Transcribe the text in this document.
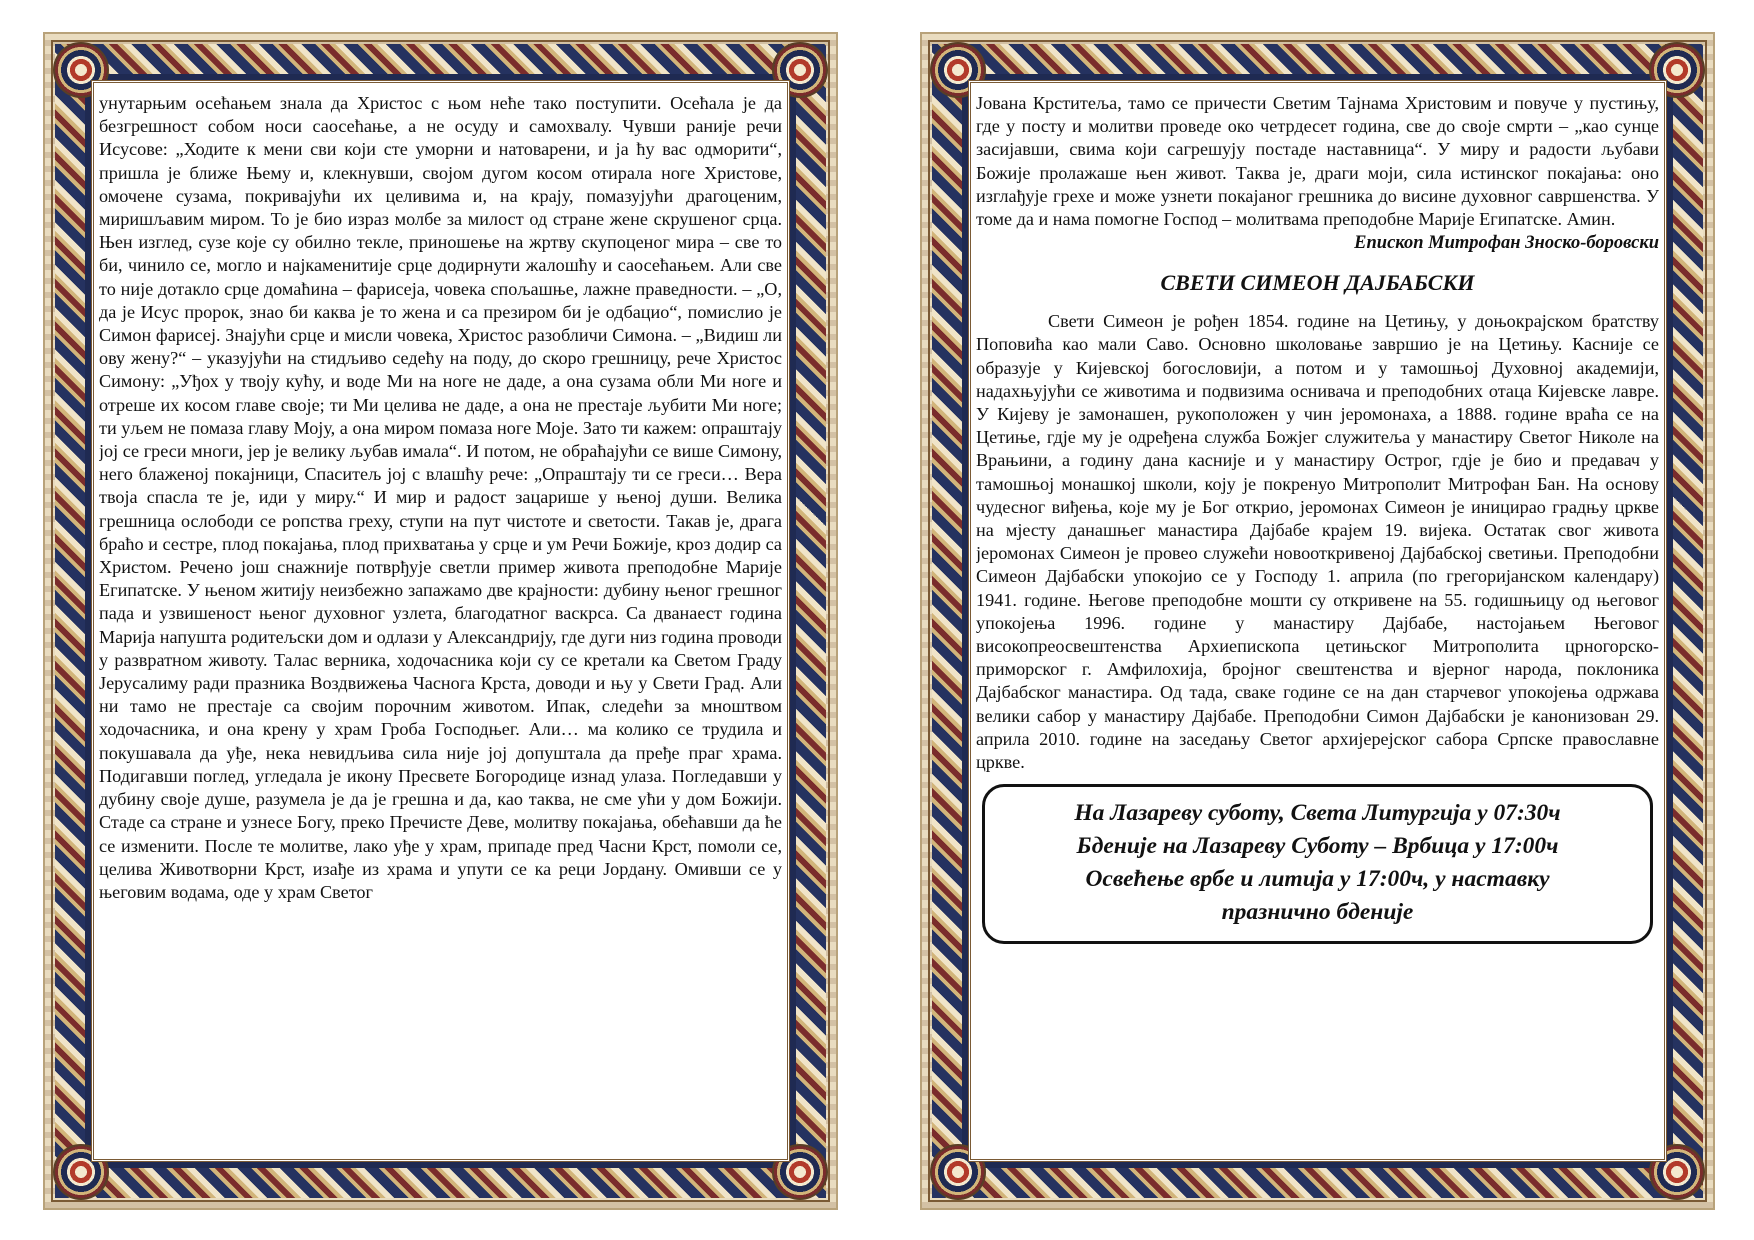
унутарњим осећањем знала да Христос с њом неће тако поступити. Осећала је да безгрешност собом носи саосећање, а не осуду и самохвалу. Чувши раније речи Исусове: „Ходите к мени сви који сте уморни и натоварени, и ја ћу вас одморити“, пришла је ближе Њему и, клекнувши, својом дугом косом отирала ноге Христове, омочене сузама, покривајући их целивима и, на крају, помазујући драгоценим, миришљавим миром. То је био израз молбе за милост од стране жене скрушеног срца. Њен изглед, сузе које су обилно текле, приношење на жртву скупоценог мира – све то би, чинило се, могло и најкаменитије срце додирнути жалошћу и саосећањем. Али све то није дотакло срце домаћина – фарисеја, човека спољашње, лажне праведности. – „О, да је Исус пророк, знао би каква је то жена и са презиром би је одбацио“, помислио је Симон фарисеј. Знајући срце и мисли човека, Христос разобличи Симона. – „Видиш ли ову жену?“ – указујући на стидљиво седећу на поду, до скоро грешницу, рече Христос Симону: „Уђох у твоју кућу, и воде Ми на ноге не даде, а она сузама обли Ми ноге и отреше их косом главе своје; ти Ми целива не даде, а она не престаје љубити Ми ноге; ти уљем не помаза главу Моју, а она миром помаза ноге Моје. Зато ти кажем: опраштају јој се греси многи, јер је велику љубав имала“. И потом, не обраћајући се више Симону, него блаженој покајници, Спаситељ јој с влашћу рече: „Опраштају ти се греси… Вера твоја спасла те је, иди у миру.“ И мир и радост зацарише у њеној души. Велика грешница ослободи се ропства греху, ступи на пут чистоте и светости. Такав је, драга браћо и сестре, плод покајања, плод прихватања у срце и ум Речи Божије, кроз додир са Христом. Речено још снажније потврђује светли пример живота преподобне Марије Египатске. У њеном житију неизбежно запажамо две крајности: дубину њеног грешног пада и узвишеност њеног духовног узлета, благодатног васкрса. Са дванаест година Марија напушта родитељски дом и одлази у Александрију, где дуги низ година проводи у развратном животу. Талас верника, ходочасника који су се кретали ка Светом Граду Јерусалиму ради празника Воздвижења Часнога Крста, доводи и њу у Свети Град. Али ни тамо не престаје са својим порочним животом. Ипак, следећи за мноштвом ходочасника, и она крену у храм Гроба Господњег. Али… ма колико се трудила и покушавала да уђе, нека невидљива сила није јој допуштала да пређе праг храма. Подигавши поглед, угледала је икону Пресвете Богородице изнад улаза. Погледавши у дубину своје душе, разумела је да је грешна и да, као таква, не сме ући у дом Божији. Стаде са стране и узнесе Богу, преко Пречисте Деве, молитву покајања, обећавши да ће се изменити. После те молитве, лако уђе у храм, припаде пред Часни Крст, помоли се, целива Животворни Крст, изађе из храма и упути се ка реци Јордану. Омивши се у његовим водама, оде у храм Светог

Јована Крститеља, тамо се причести Светим Тајнама Христовим и повуче у пустињу, где у посту и молитви проведе око четрдесет година, све до своје смрти – „као сунце засијавши, свима који сагрешују постаде наставница“. У миру и радости љубави Божије пролажаше њен живот. Таква је, драги моји, сила истинског покајања: оно изглађује грехе и може узнети покајаног грешника до висине духовног савршенства. У томе да и нама помогне Господ – молитвама преподобне Марије Египатске. Амин.

Епископ Митрофан Зноско-боровски

СВЕТИ СИМЕОН ДАЈБАБСКИ

Свети Симеон је рођен 1854. године на Цетињу, у доњокрајском братству Поповића као мали Саво. Основно школовање завршио је на Цетињу. Касније се образује у Кијевској богословији, а потом и у тамошњој Духовној академији, надахњујући се животима и подвизима оснивача и преподобних отаца Кијевске лавре. У Кијеву је замонашен, рукоположен у чин јеромонаха, а 1888. године враћа се на Цетиње, гдје му је одређена служба Божјег служитеља у манастиру Светог Николе на Врањини, а годину дана касније и у манастиру Острог, гдје је био и предавач у тамошњој монашкој школи, коју је покренуо Митрополит Митрофан Бан. На основу чудесног виђења, које му је Бог открио, јеромонах Симеон је иницирао градњу цркве на мјесту данашњег манастира Дајбабе крајем 19. вијека. Остатак свог живота јеромонах Симеон је провео служећи новооткривеној Дајбабској светињи. Преподобни Симеон Дајбабски упокојио се у Господу 1. априла (по грегоријанском календару) 1941. године. Његове преподобне мошти су откривене на 55. годишњицу од његовог упокојења 1996. године у манастиру Дајбабе, настојањем Његовог високопреосвештенства Архиепископа цетињског Митрополита црногорско-приморског г. Амфилохија, бројног свештенства и вјерног народа, поклоника Дајбабског манастира. Од тада, сваке године се на дан старчевог упокојења одржава велики сабор у манастиру Дајбабе. Преподобни Симон Дајбабски је канонизован 29. априла 2010. године на заседању Светог архијерејског сабора Српске православне цркве.

На Лазареву суботу, Света Литургија у 07:30ч
Бденије на Лазареву Суботу – Врбица у 17:00ч
Освећење врбе и литија у 17:00ч, у наставку
празнично бденије
